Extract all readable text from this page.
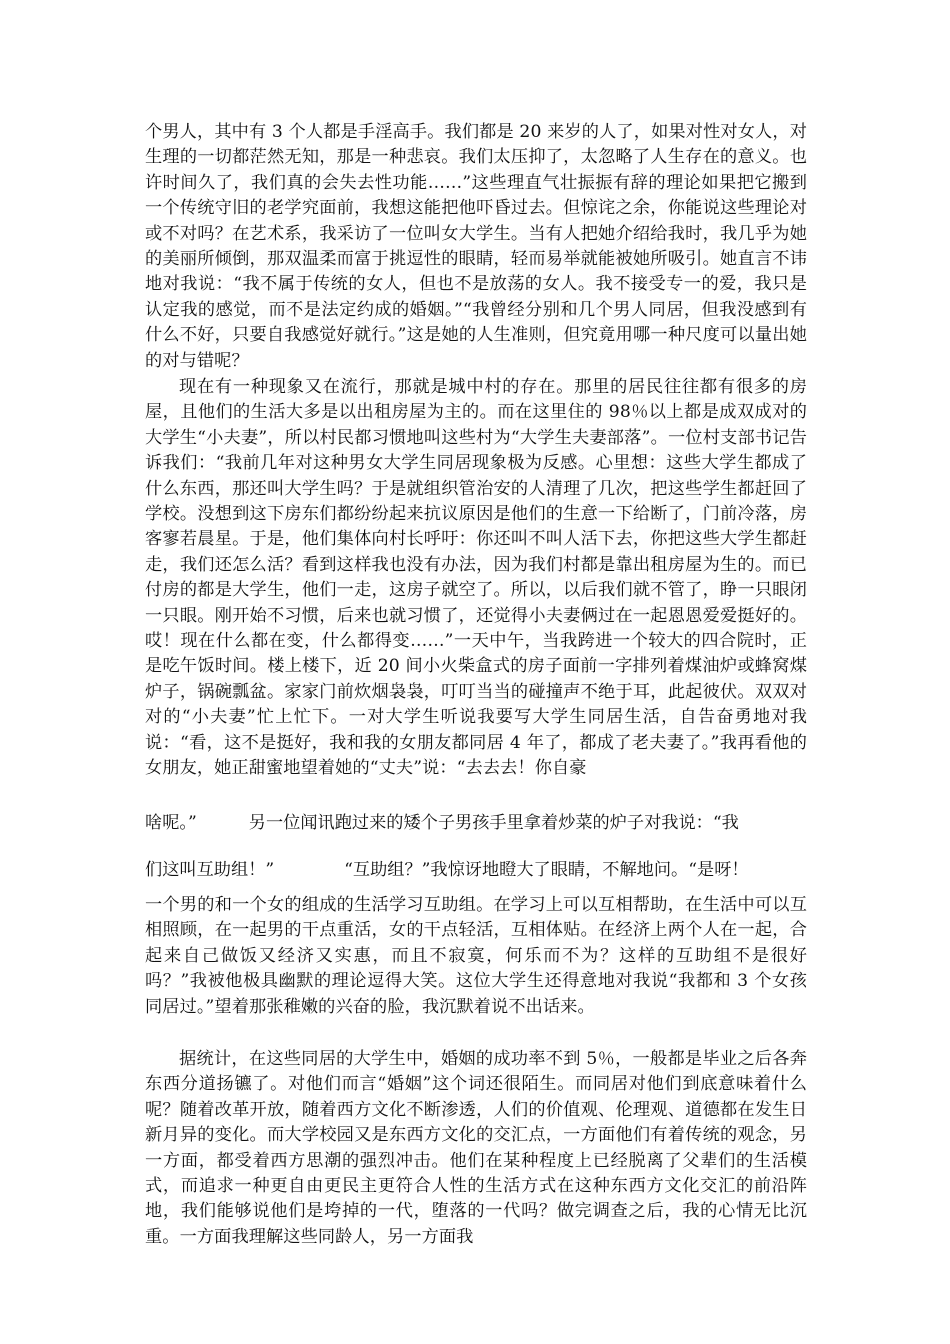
个男人，其中有 3 个人都是手淫高手。我们都是 20 来岁的人了，如果对性对女人，对生理的一切都茫然无知，那是一种悲哀。我们太压抑了，太忽略了人生存在的意义。也许时间久了，我们真的会失去性功能……”这些理直气壮振振有辞的理论如果把它搬到一个传统守旧的老学究面前，我想这能把他吓昏过去。但惊诧之余，你能说这些理论对或不对吗？在艺术系，我采访了一位叫女大学生。当有人把她介绍给我时，我几乎为她的美丽所倾倒，那双温柔而富于挑逗性的眼睛，轻而易举就能被她所吸引。她直言不讳地对我说：“我不属于传统的女人，但也不是放荡的女人。我不接受专一的爱，我只是认定我的感觉，而不是法定约成的婚姻。”“我曾经分别和几个男人同居，但我没感到有什么不好，只要自我感觉好就行。”这是她的人生准则，但究竟用哪一种尺度可以量出她的对与错呢？

现在有一种现象又在流行，那就是城中村的存在。那里的居民往往都有很多的房屋，且他们的生活大多是以出租房屋为主的。而在这里住的 98％以上都是成双成对的大学生“小夫妻”，所以村民都习惯地叫这些村为“大学生夫妻部落”。一位村支部书记告诉我们：“我前几年对这种男女大学生同居现象极为反感。心里想：这些大学生都成了什么东西，那还叫大学生吗？于是就组织管治安的人清理了几次，把这些学生都赶回了学校。没想到这下房东们都纷纷起来抗议原因是他们的生意一下给断了，门前冷落，房客寥若晨星。于是，他们集体向村长呼吁：你还叫不叫人活下去，你把这些大学生都赶走，我们还怎么活？看到这样我也没有办法，因为我们村都是靠出租房屋为生的。而已付房的都是大学生，他们一走，这房子就空了。所以，以后我们就不管了，睁一只眼闭一只眼。刚开始不习惯，后来也就习惯了，还觉得小夫妻俩过在一起恩恩爱爱挺好的。哎！现在什么都在变，什么都得变……”一天中午，当我跨进一个较大的四合院时，正是吃午饭时间。楼上楼下，近 20 间小火柴盒式的房子面前一字排列着煤油炉或蜂窝煤炉子，锅碗瓢盆。家家门前炊烟袅袅，叮叮当当的碰撞声不绝于耳，此起彼伏。双双对对的“小夫妻”忙上忙下。一对大学生听说我要写大学生同居生活，自告奋勇地对我说：“看，这不是挺好，我和我的女朋友都同居 4 年了，都成了老夫妻了。”我再看他的女朋友，她正甜蜜地望着她的“丈夫”说：“去去去！你自豪

啥呢。”	另一位闻讯跑过来的矮个子男孩手里拿着炒菜的炉子对我说：“我
们这叫互助组！”	“互助组？”我惊讶地瞪大了眼睛，不解地问。“是呀！

一个男的和一个女的组成的生活学习互助组。在学习上可以互相帮助，在生活中可以互相照顾，在一起男的干点重活，女的干点轻活，互相体贴。在经济上两个人在一起，合起来自己做饭又经济又实惠，而且不寂寞，何乐而不为？这样的互助组不是很好吗？”我被他极具幽默的理论逗得大笑。这位大学生还得意地对我说“我都和 3 个女孩同居过。”望着那张稚嫩的兴奋的脸，我沉默着说不出话来。

据统计，在这些同居的大学生中，婚姻的成功率不到 5％，一般都是毕业之后各奔东西分道扬镳了。对他们而言“婚姻”这个词还很陌生。而同居对他们到底意味着什么呢？随着改革开放，随着西方文化不断渗透，人们的价值观、伦理观、道德都在发生日新月异的变化。而大学校园又是东西方文化的交汇点，一方面他们有着传统的观念，另一方面，都受着西方思潮的强烈冲击。他们在某种程度上已经脱离了父辈们的生活模式，而追求一种更自由更民主更符合人性的生活方式在这种东西方文化交汇的前沿阵地，我们能够说他们是垮掉的一代，堕落的一代吗？做完调查之后，我的心情无比沉重。一方面我理解这些同龄人，另一方面我
